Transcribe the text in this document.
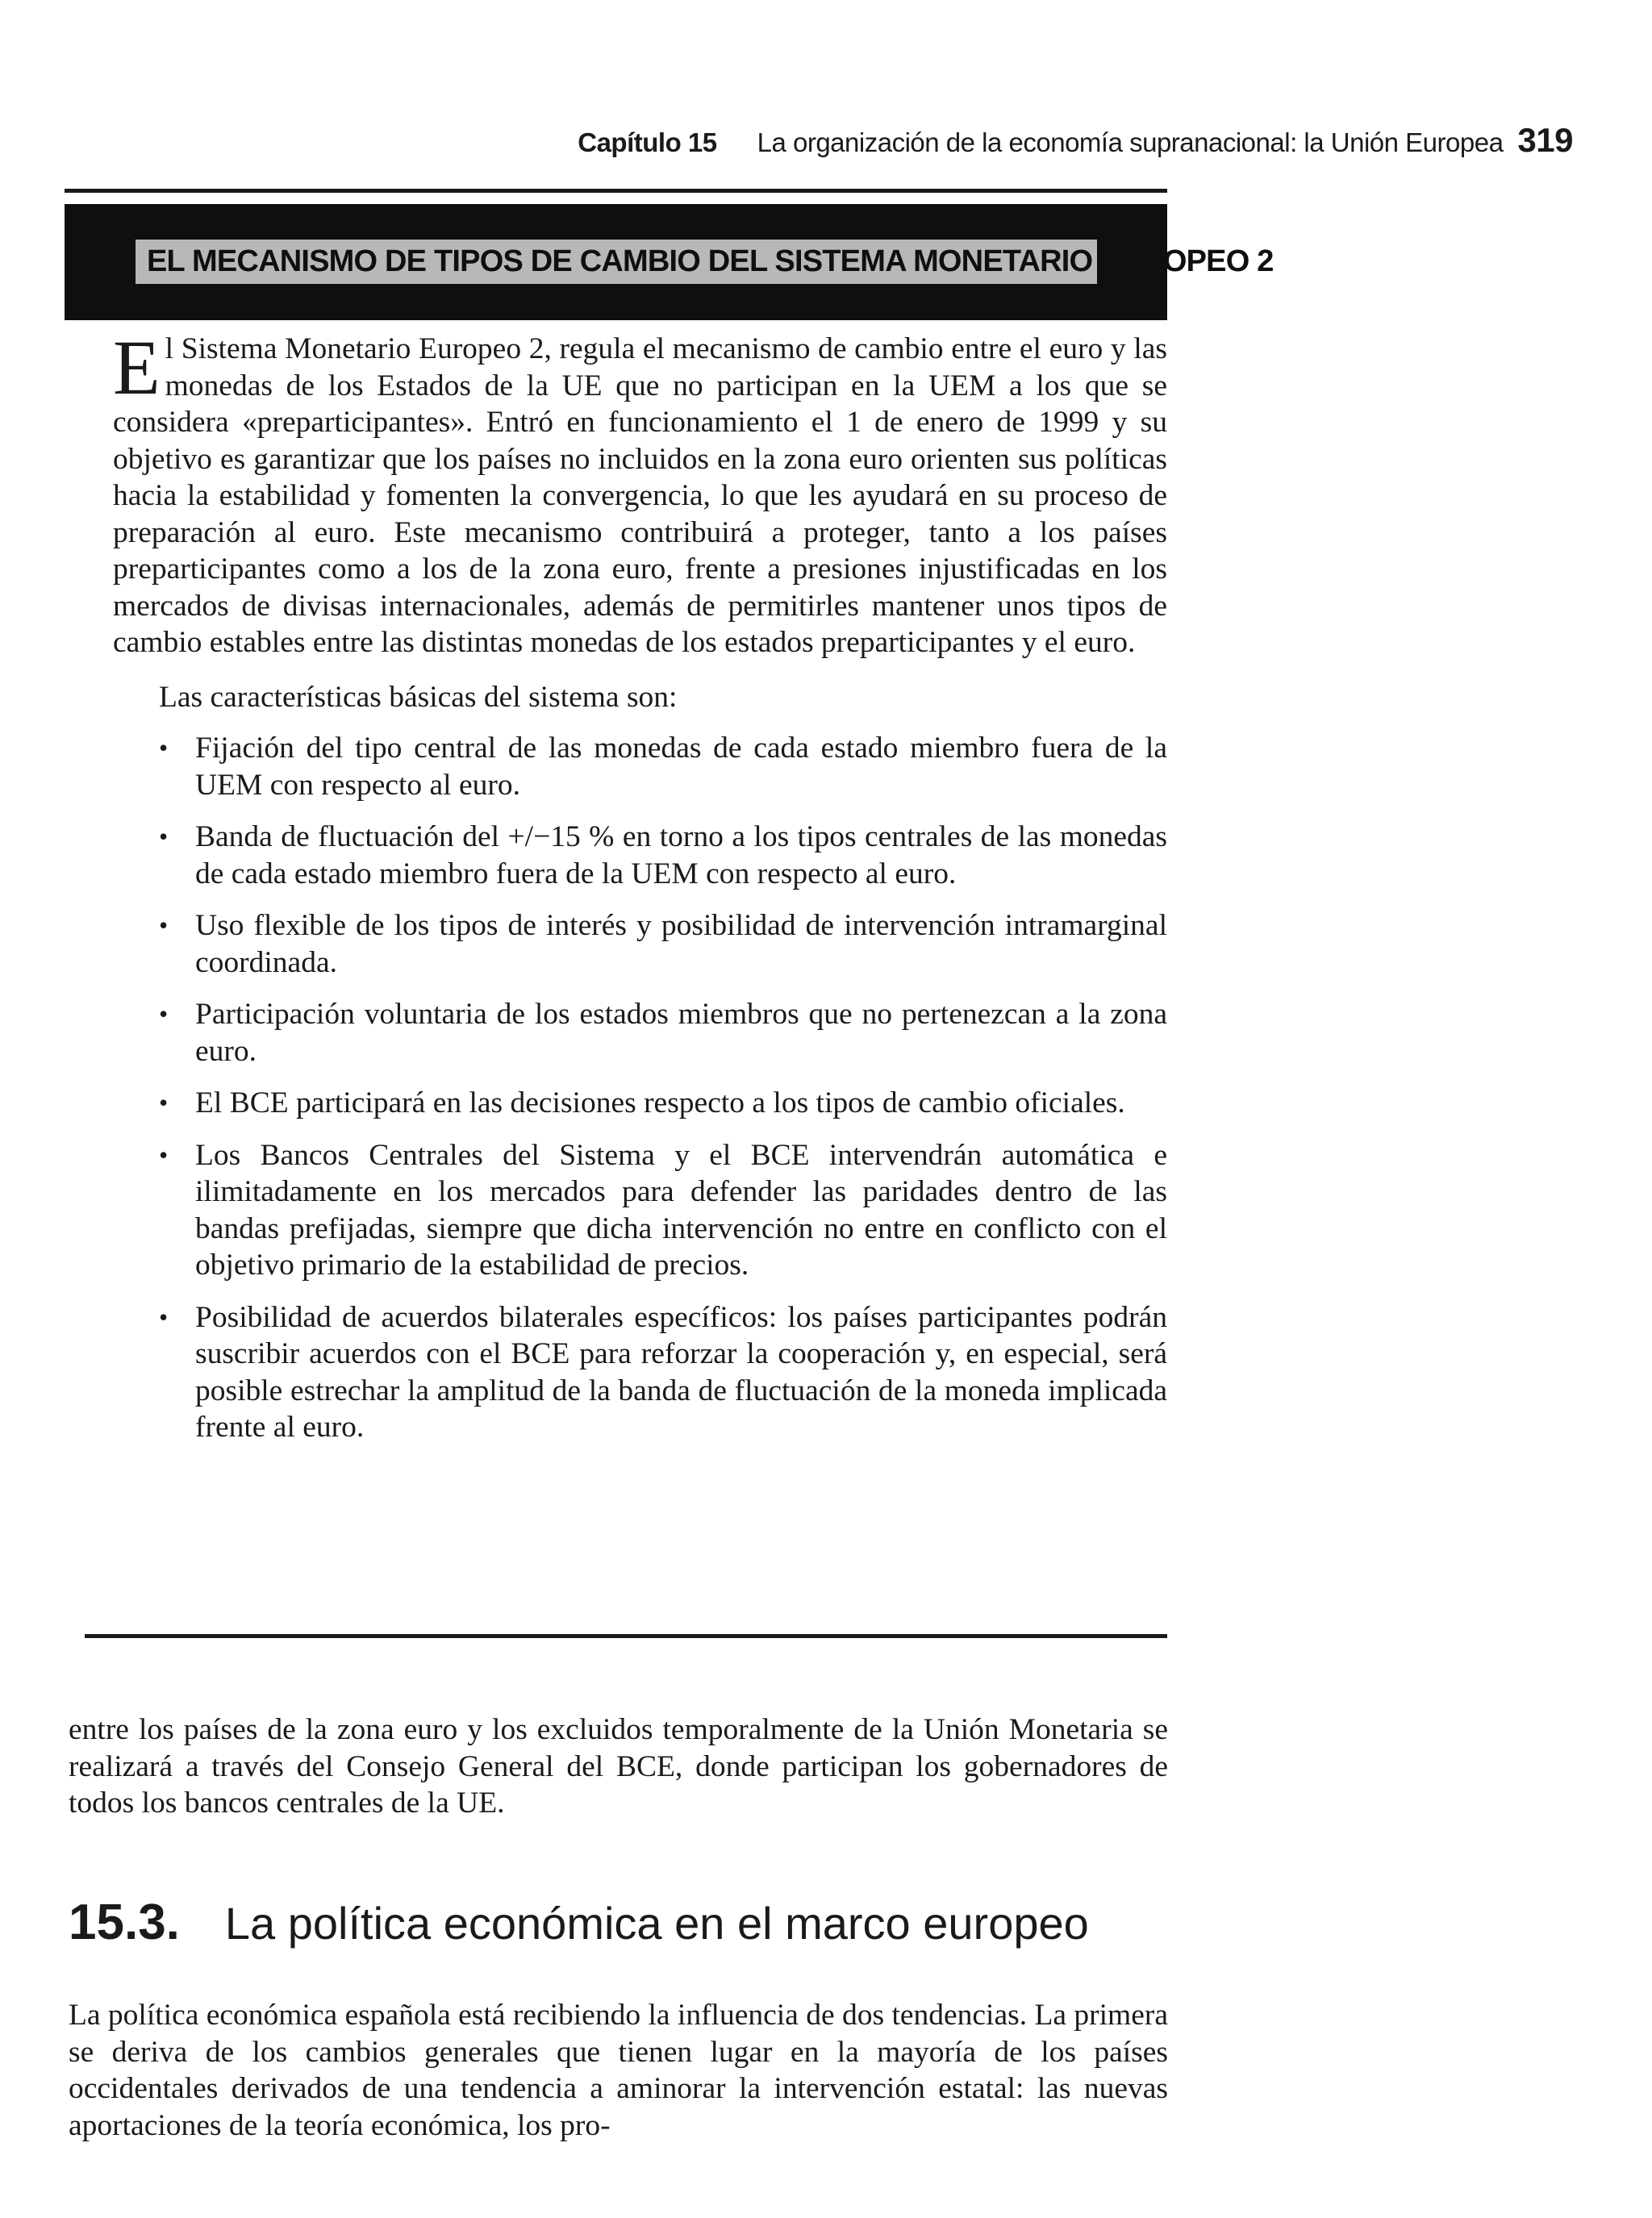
Capítulo 15 La organización de la economía supranacional: la Unión Europea 319
EL MECANISMO DE TIPOS DE CAMBIO DEL SISTEMA MONETARIO EUROPEO 2

El Sistema Monetario Europeo 2, regula el mecanismo de cambio entre el euro y las monedas de los Estados de la UE que no participan en la UEM a los que se considera «preparticipantes». Entró en funcionamiento el 1 de enero de 1999 y su objetivo es garantizar que los países no incluidos en la zona euro orienten sus políticas hacia la estabilidad y fomenten la convergencia, lo que les ayudará en su proceso de preparación al euro. Este mecanismo contribuirá a proteger, tanto a los países preparticipantes como a los de la zona euro, frente a presiones injustificadas en los mercados de divisas internacionales, además de permitirles mantener unos tipos de cambio estables entre las distintas monedas de los estados preparticipantes y el euro.

Las características básicas del sistema son:

• Fijación del tipo central de las monedas de cada estado miembro fuera de la UEM con respecto al euro.
• Banda de fluctuación del +/−15 % en torno a los tipos centrales de las monedas de cada estado miembro fuera de la UEM con respecto al euro.
• Uso flexible de los tipos de interés y posibilidad de intervención intramarginal coordinada.
• Participación voluntaria de los estados miembros que no pertenezcan a la zona euro.
• El BCE participará en las decisiones respecto a los tipos de cambio oficiales.
• Los Bancos Centrales del Sistema y el BCE intervendrán automática e ilimitadamente en los mercados para defender las paridades dentro de las bandas prefijadas, siempre que dicha intervención no entre en conflicto con el objetivo primario de la estabilidad de precios.
• Posibilidad de acuerdos bilaterales específicos: los países participantes podrán suscribir acuerdos con el BCE para reforzar la cooperación y, en especial, será posible estrechar la amplitud de la banda de fluctuación de la moneda implicada frente al euro.

entre los países de la zona euro y los excluidos temporalmente de la Unión Monetaria se realizará a través del Consejo General del BCE, donde participan los gobernadores de todos los bancos centrales de la UE.

15.3. La política económica en el marco europeo

La política económica española está recibiendo la influencia de dos tendencias. La primera se deriva de los cambios generales que tienen lugar en la mayoría de los países occidentales derivados de una tendencia a aminorar la intervención estatal: las nuevas aportaciones de la teoría económica, los pro-
